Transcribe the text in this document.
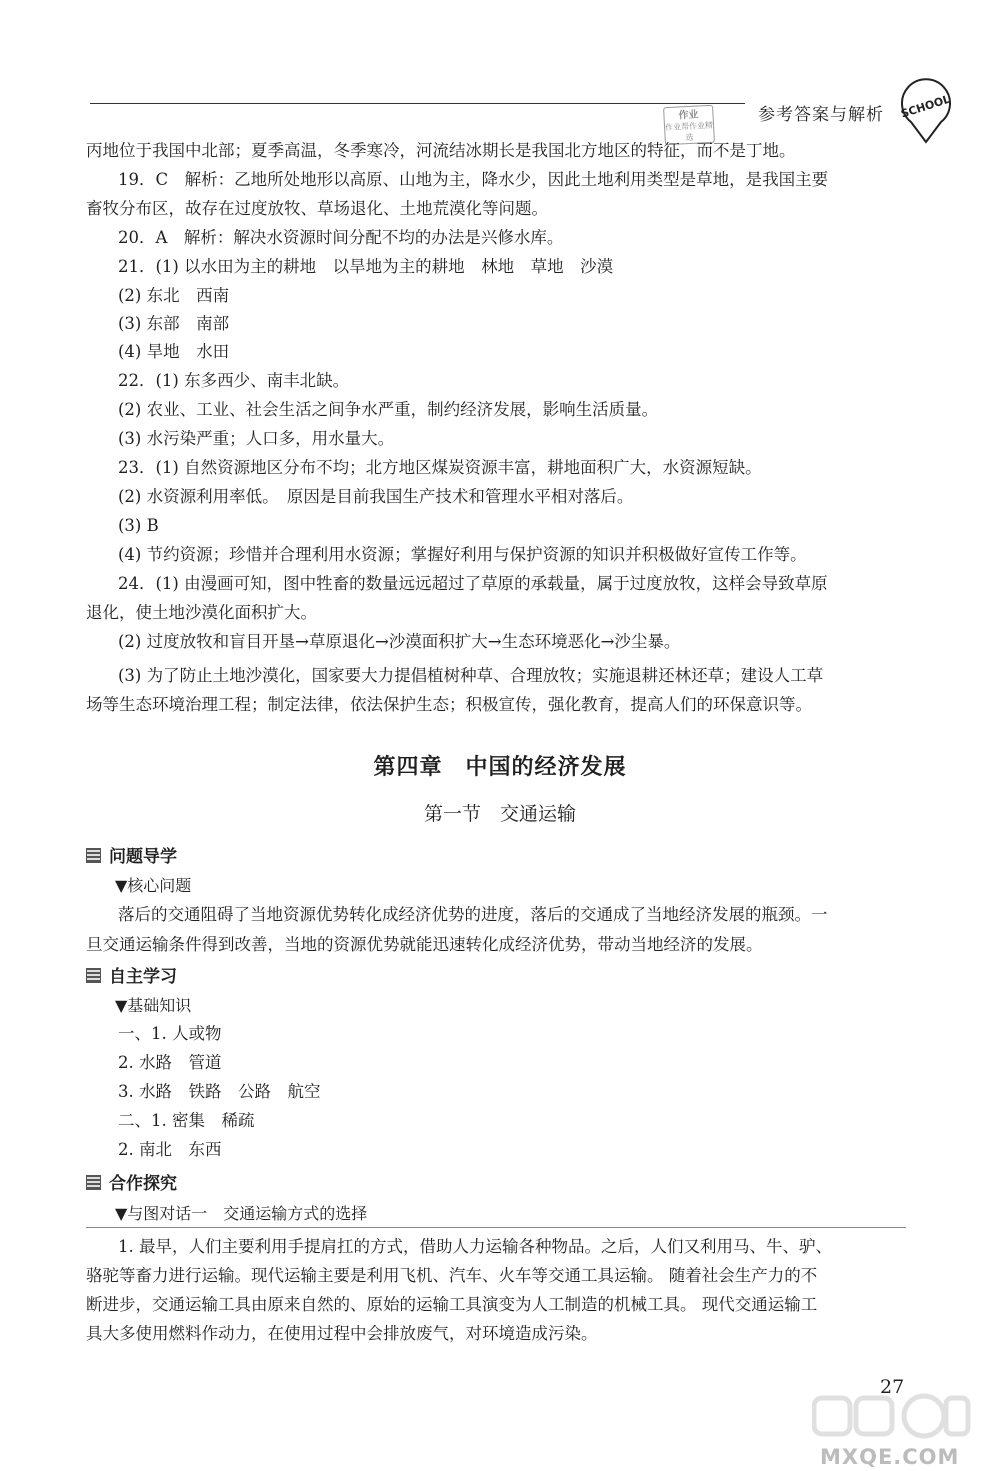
参考答案与解析 SCHOOL
作业
作业帮作业精选
丙地位于我国中北部；夏季高温，冬季寒冷，河流结冰期长是我国北方地区的特征，而不是丁地。
19．C　解析：乙地所处地形以高原、山地为主，降水少，因此土地利用类型是草地，是我国主要
畜牧分布区，故存在过度放牧、草场退化、土地荒漠化等问题。
20．A　解析：解决水资源时间分配不均的办法是兴修水库。
21．(1) 以水田为主的耕地　以旱地为主的耕地　林地　草地　沙漠
(2) 东北　西南
(3) 东部　南部
(4) 旱地　水田
22．(1) 东多西少、南丰北缺。
(2) 农业、工业、社会生活之间争水严重，制约经济发展，影响生活质量。
(3) 水污染严重；人口多，用水量大。
23．(1) 自然资源地区分布不均；北方地区煤炭资源丰富，耕地面积广大，水资源短缺。
(2) 水资源利用率低。　原因是目前我国生产技术和管理水平相对落后。
(3) B
(4) 节约资源；珍惜并合理利用水资源；掌握好利用与保护资源的知识并积极做好宣传工作等。
24．(1) 由漫画可知，图中牲畜的数量远远超过了草原的承载量，属于过度放牧，这样会导致草原
退化，使土地沙漠化面积扩大。
(2) 过度放牧和盲目开垦→草原退化→沙漠面积扩大→生态环境恶化→沙尘暴。
(3) 为了防止土地沙漠化，国家要大力提倡植树种草、合理放牧；实施退耕还林还草；建设人工草
场等生态环境治理工程；制定法律，依法保护生态；积极宣传，强化教育，提高人们的环保意识等。
第四章　中国的经济发展
第一节　交通运输
问题导学
▼核心问题
落后的交通阻碍了当地资源优势转化成经济优势的进度，落后的交通成了当地经济发展的瓶颈。一
旦交通运输条件得到改善，当地的资源优势就能迅速转化成经济优势，带动当地经济的发展。
自主学习
▼基础知识
一、1. 人或物
2. 水路　管道
3. 水路　铁路　公路　航空
二、1. 密集　稀疏
2. 南北　东西
合作探究
▼与图对话一　交通运输方式的选择
1. 最早，人们主要利用手提肩扛的方式，借助人力运输各种物品。之后，人们又利用马、牛、驴、
骆驼等畜力进行运输。现代运输主要是利用飞机、汽车、火车等交通工具运输。 随着社会生产力的不
断进步，交通运输工具由原来自然的、原始的运输工具演变为人工制造的机械工具。 现代交通运输工
具大多使用燃料作动力，在使用过程中会排放废气，对环境造成污染。
27
MXQE.COM
